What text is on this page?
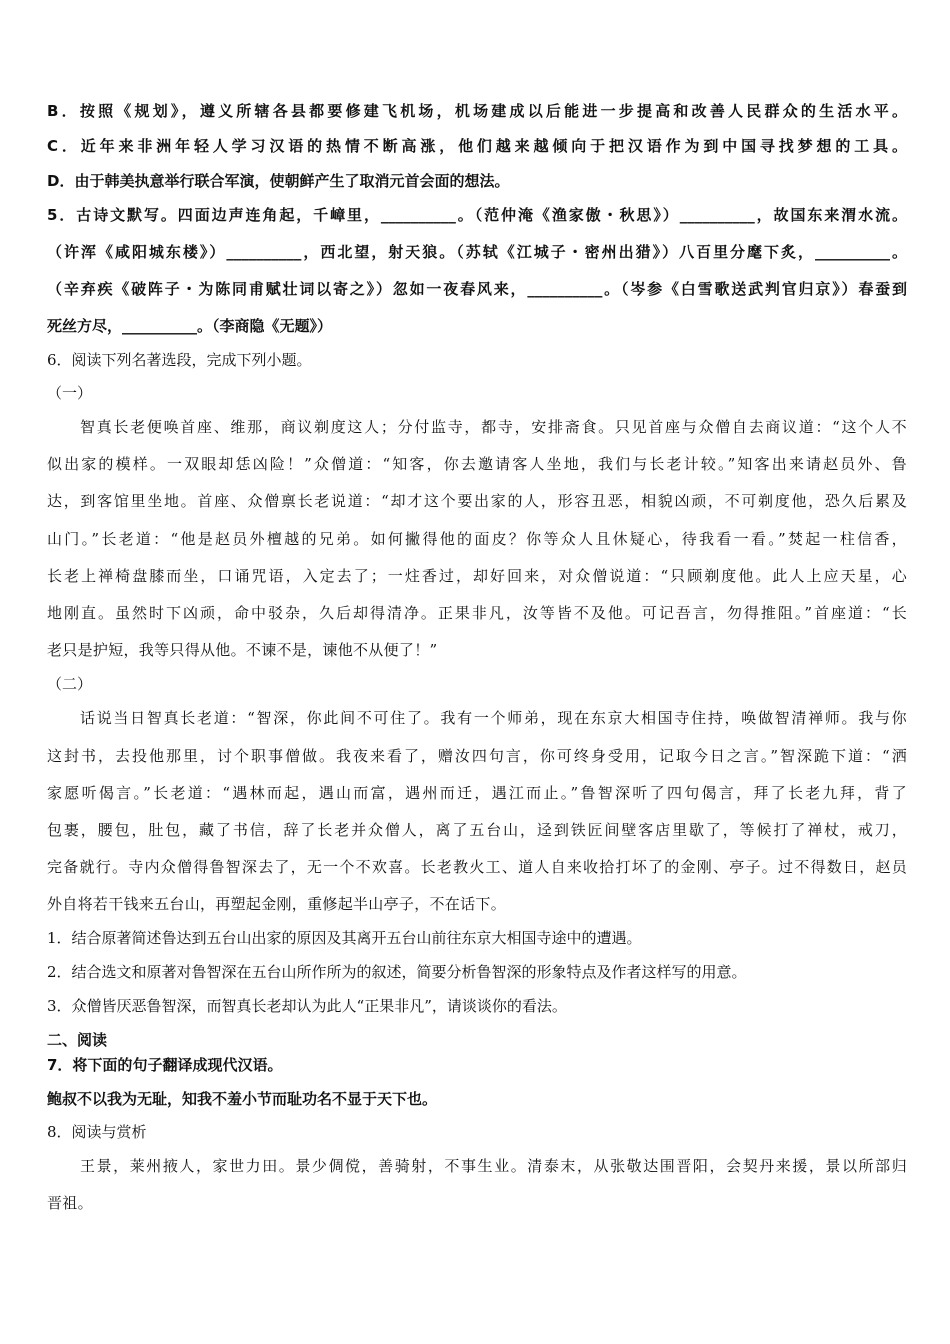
B．按照《规划》，遵义所辖各县都要修建飞机场，机场建成以后能进一步提高和改善人民群众的生活水平。
C．近年来非洲年轻人学习汉语的热情不断高涨，他们越来越倾向于把汉语作为到中国寻找梦想的工具。
D．由于韩美执意举行联合军演，使朝鲜产生了取消元首会面的想法。
5．古诗文默写。四面边声连角起，千嶂里，__________。（范仲淹《渔家傲・秋思》）__________，故国东来渭水流。
（许浑《咸阳城东楼》）__________，西北望，射天狼。（苏轼《江城子・密州出猎》）八百里分麾下炙，__________。
（辛弃疾《破阵子・为陈同甫赋壮词以寄之》）忽如一夜春风来，__________。（岑参《白雪歌送武判官归京》）春蚕到
死丝方尽，__________。（李商隐《无题》）
6．阅读下列名著选段，完成下列小题。
（一）
智真长老便唤首座、维那，商议剃度这人；分付监寺，都寺，安排斋食。只见首座与众僧自去商议道：“这个人不
似出家的模样。一双眼却恁凶险！”众僧道：“知客，你去邀请客人坐地，我们与长老计较。”知客出来请赵员外、鲁
达，到客馆里坐地。首座、众僧禀长老说道：“却才这个要出家的人，形容丑恶，相貌凶顽，不可剃度他，恐久后累及
山门。”长老道：“他是赵员外檀越的兄弟。如何撇得他的面皮？你等众人且休疑心，待我看一看。”焚起一柱信香，
长老上禅椅盘膝而坐，口诵咒语，入定去了；一炷香过，却好回来，对众僧说道：“只顾剃度他。此人上应天星，心
地刚直。虽然时下凶顽，命中驳杂，久后却得清净。正果非凡，汝等皆不及他。可记吾言，勿得推阻。”首座道：“长
老只是护短，我等只得从他。不谏不是，谏他不从便了！”
（二）
话说当日智真长老道：“智深，你此间不可住了。我有一个师弟，现在东京大相国寺住持，唤做智清禅师。我与你
这封书，去投他那里，讨个职事僧做。我夜来看了，赠汝四句言，你可终身受用，记取今日之言。”智深跪下道：“洒
家愿听偈言。”长老道：“遇林而起，遇山而富，遇州而迁，遇江而止。”鲁智深听了四句偈言，拜了长老九拜，背了
包裹，腰包，肚包，藏了书信，辞了长老并众僧人，离了五台山，迳到铁匠间壁客店里歇了，等候打了禅杖，戒刀，
完备就行。寺内众僧得鲁智深去了，无一个不欢喜。长老教火工、道人自来收拾打坏了的金刚、亭子。过不得数日，赵员
外自将若干钱来五台山，再塑起金刚，重修起半山亭子，不在话下。
1．结合原著简述鲁达到五台山出家的原因及其离开五台山前往东京大相国寺途中的遭遇。
2．结合选文和原著对鲁智深在五台山所作所为的叙述，简要分析鲁智深的形象特点及作者这样写的用意。
3．众僧皆厌恶鲁智深，而智真长老却认为此人“正果非凡”，请谈谈你的看法。
二、阅读
7．将下面的句子翻译成现代汉语。
鲍叔不以我为无耻，知我不羞小节而耻功名不显于天下也。
8．阅读与赏析
王景，莱州掖人，家世力田。景少倜傥，善骑射，不事生业。清泰末，从张敬达围晋阳，会契丹来援，景以所部归
晋祖。
